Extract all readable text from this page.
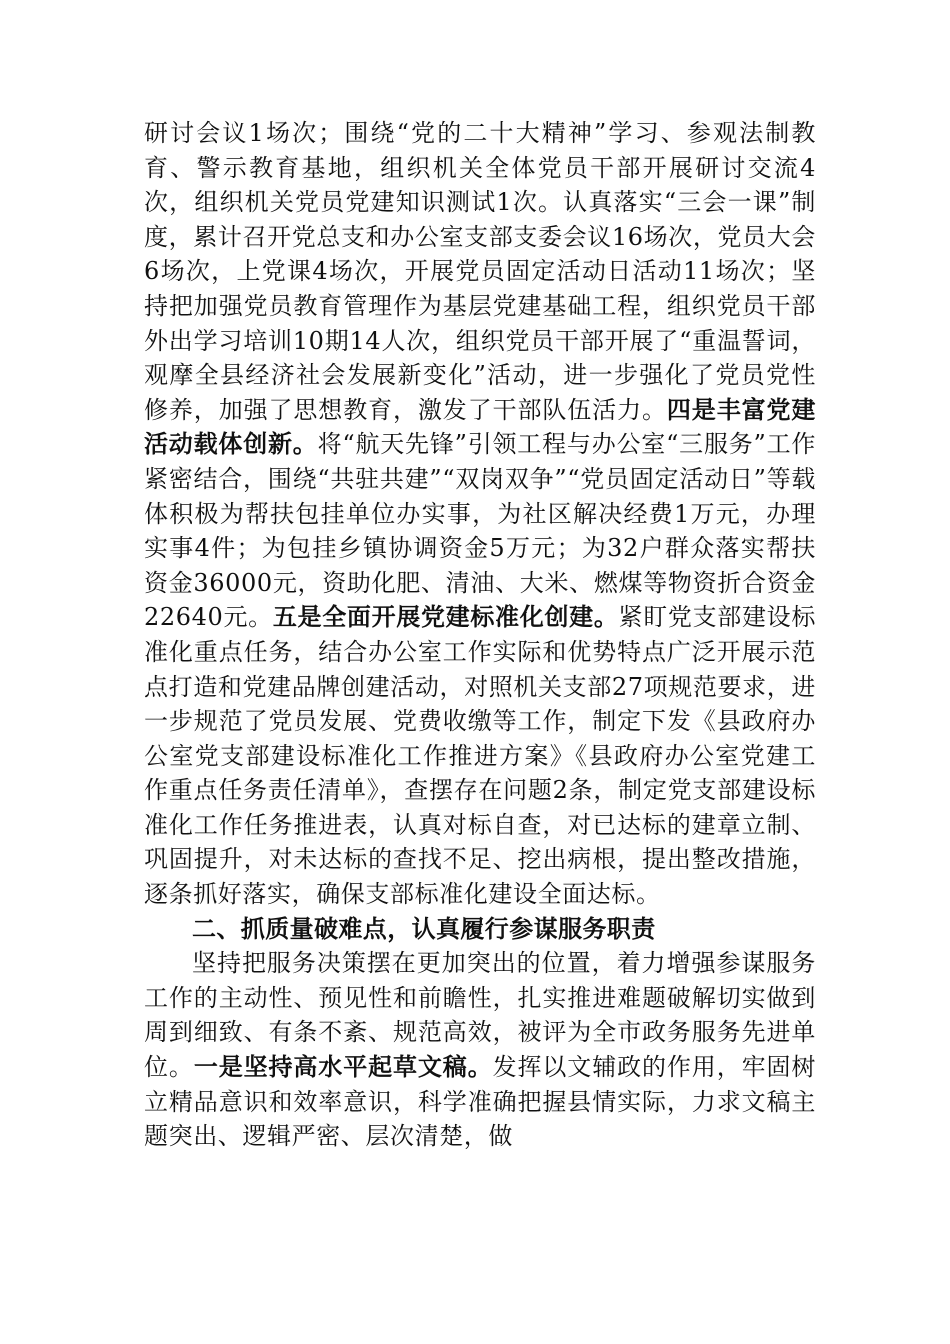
研讨会议1场次；围绕“党的二十大精神”学习、参观法制教育、警示教育基地，组织机关全体党员干部开展研讨交流4次，组织机关党员党建知识测试1次。认真落实“三会一课”制度，累计召开党总支和办公室支部支委会议16场次，党员大会6场次，上党课4场次，开展党员固定活动日活动11场次；坚持把加强党员教育管理作为基层党建基础工程，组织党员干部外出学习培训10期14人次，组织党员干部开展了“重温誓词，观摩全县经济社会发展新变化”活动，进一步强化了党员党性修养，加强了思想教育，激发了干部队伍活力。四是丰富党建活动载体创新。将“航天先锋”引领工程与办公室“三服务”工作紧密结合，围绕“共驻共建”“双岗双争”“党员固定活动日”等载体积极为帮扶包挂单位办实事，为社区解决经费1万元，办理实事4件；为包挂乡镇协调资金5万元；为32户群众落实帮扶资金36000元，资助化肥、清油、大米、燃煤等物资折合资金22640元。五是全面开展党建标准化创建。紧盯党支部建设标准化重点任务，结合办公室工作实际和优势特点广泛开展示范点打造和党建品牌创建活动，对照机关支部27项规范要求，进一步规范了党员发展、党费收缴等工作，制定下发《县政府办公室党支部建设标准化工作推进方案》《县政府办公室党建工作重点任务责任清单》，查摆存在问题2条，制定党支部建设标准化工作任务推进表，认真对标自查，对已达标的建章立制、巩固提升，对未达标的查找不足、挖出病根，提出整改措施，逐条抓好落实，确保支部标准化建设全面达标。

二、抓质量破难点，认真履行参谋服务职责

坚持把服务决策摆在更加突出的位置，着力增强参谋服务工作的主动性、预见性和前瞻性，扎实推进难题破解切实做到周到细致、有条不紊、规范高效，被评为全市政务服务先进单位。一是坚持高水平起草文稿。发挥以文辅政的作用，牢固树立精品意识和效率意识，科学准确把握县情实际，力求文稿主题突出、逻辑严密、层次清楚，做
